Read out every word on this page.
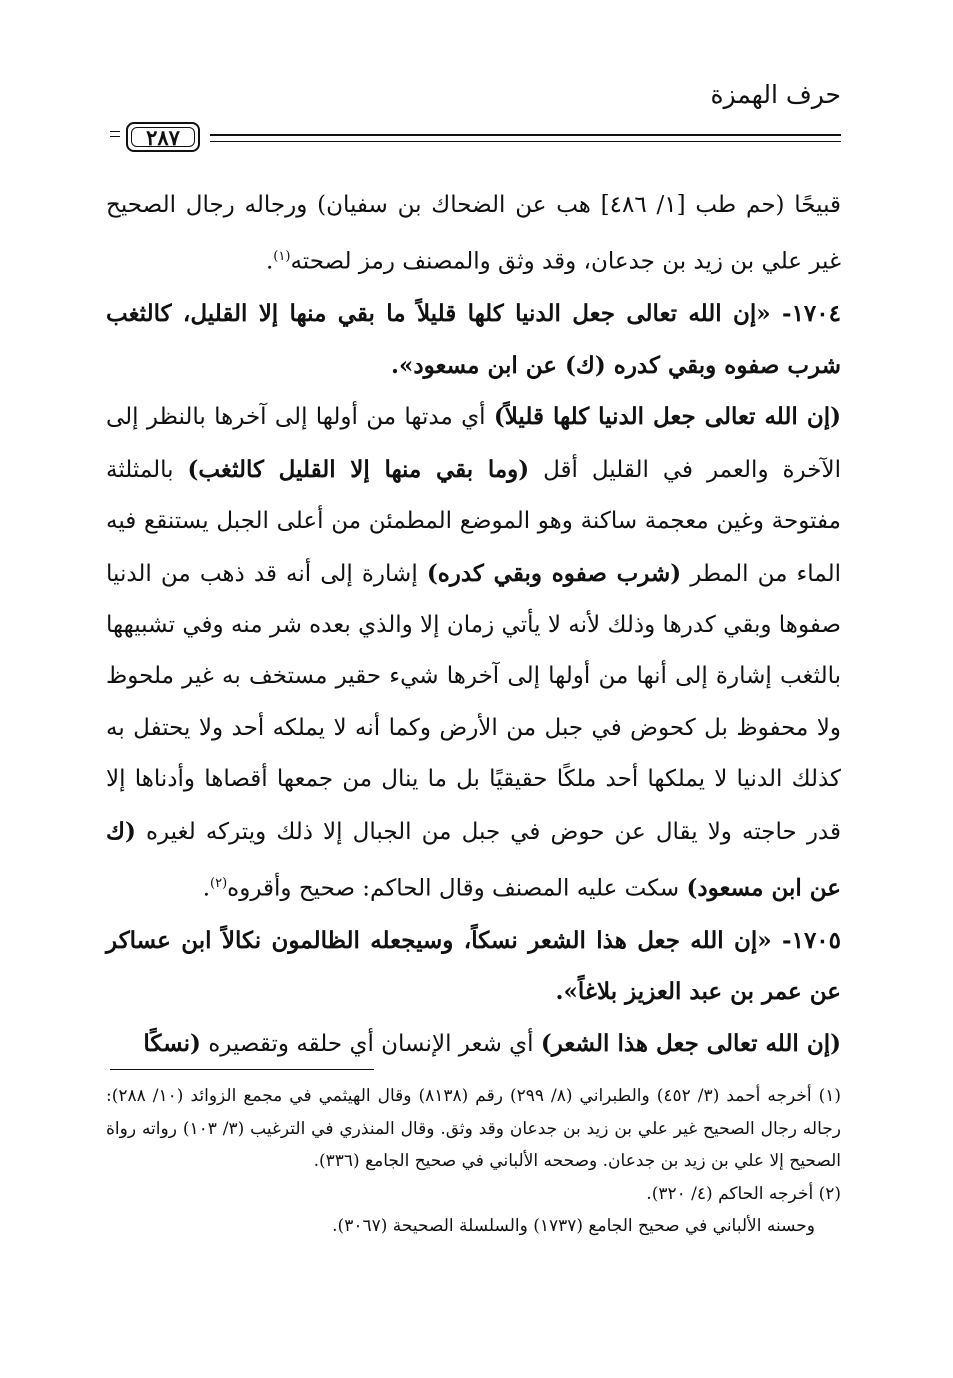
حرف الهمزة
٢٨٧

قبيحًا (حم طب [١/ ٤٨٦] هب عن الضحاك بن سفيان) ورجاله رجال الصحيح غير علي بن زيد بن جدعان، وقد وثق والمصنف رمز لصحته$^{(١)}$.

١٧٠٤- «إن الله تعالى جعل الدنيا كلها قليلاً ما بقي منها إلا القليل، كالثغب شرب صفوه وبقي كدره (ك) عن ابن مسعود».

(إن الله تعالى جعل الدنيا كلها قليلاً) أي مدتها من أولها إلى آخرها بالنظر إلى الآخرة والعمر في القليل أقل (وما بقي منها إلا القليل كالثغب) بالمثلثة مفتوحة وغين معجمة ساكنة وهو الموضع المطمئن من أعلى الجبل يستنقع فيه الماء من المطر (شرب صفوه وبقي كدره) إشارة إلى أنه قد ذهب من الدنيا صفوها وبقي كدرها وذلك لأنه لا يأتي زمان إلا والذي بعده شر منه وفي تشبيهها بالثغب إشارة إلى أنها من أولها إلى آخرها شيء حقير مستخف به غير ملحوظ ولا محفوظ بل كحوض في جبل من الأرض وكما أنه لا يملكه أحد ولا يحتفل به كذلك الدنيا لا يملكها أحد ملكًا حقيقيًا بل ما ينال من جمعها أقصاها وأدناها إلا قدر حاجته ولا يقال عن حوض في جبل من الجبال إلا ذلك ويتركه لغيره (ك عن ابن مسعود) سكت عليه المصنف وقال الحاكم: صحيح وأقروه$^{(٢)}$.

١٧٠٥- «إن الله جعل هذا الشعر نسكاً، وسيجعله الظالمون نكالاً ابن عساكر عن عمر بن عبد العزيز بلاغاً».

(إن الله تعالى جعل هذا الشعر) أي شعر الإنسان أي حلقه وتقصيره (نسكًا

(١) أخرجه أحمد (٣/ ٤٥٢) والطبراني (٨/ ٢٩٩) رقم (٨١٣٨) وقال الهيثمي في مجمع الزوائد (١٠/ ٢٨٨): رجاله رجال الصحيح غير علي بن زيد بن جدعان وقد وثق. وقال المنذري في الترغيب (٣/ ١٠٣) رواته رواة الصحيح إلا علي بن زيد بن جدعان. وصححه الألباني في صحيح الجامع (٣٣٦).

(٢) أخرجه الحاكم (٤/ ٣٢٠).

وحسنه الألباني في صحيح الجامع (١٧٣٧) والسلسلة الصحيحة (٣٠٦٧).
